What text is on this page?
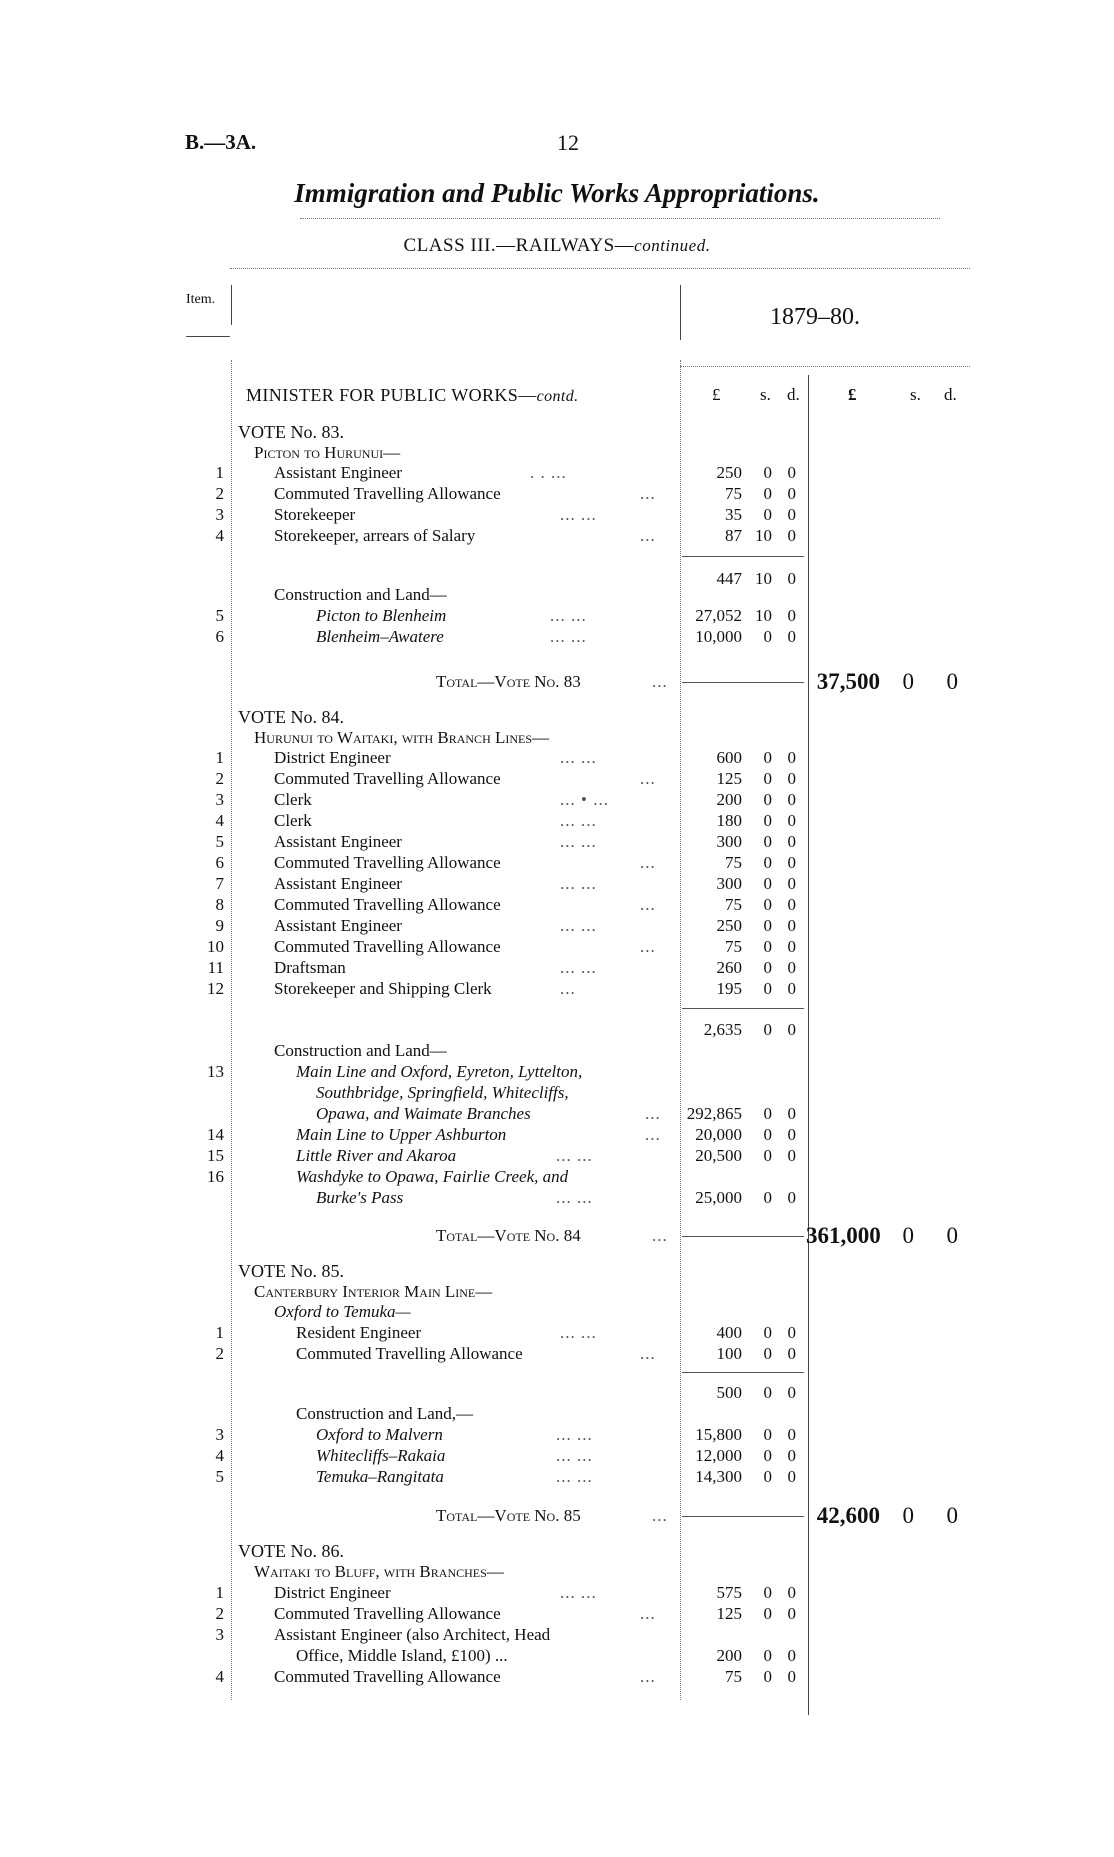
B.—3A.	12
Immigration and Public Works Appropriations.
CLASS III.—RAILWAYS—continued.
Item.
1879–80.
MINISTER FOR PUBLIC WORKS—contd.	£ s. d.	£	s. d.
VOTE No. 83.
Picton to Hurunui—
1	Assistant Engineer	. . ...	250	0 0
2	Commuted Travelling Allowance	...	75	0 0
3	Storekeeper	... ...	35	0 0
4	Storekeeper, arrears of Salary	...	87 10 0
447 10 0
Construction and Land—
5	Picton to Blenheim	... ...	27,052 10 0
6	Blenheim–Awatere	... ...	10,000	0 0
Total—Vote No. 83	...	37,500 0	0
VOTE No. 84.
Hurunui to Waitaki, with Branch Lines—
1	District Engineer	... ...	600	0 0
2	Commuted Travelling Allowance	...	125	0 0
3	Clerk	... • ...	200	0 0
4	Clerk	... ...	180	0 0
5	Assistant Engineer	... ...	300	0 0
6	Commuted Travelling Allowance	...	75	0 0
7	Assistant Engineer	... ...	300	0 0
8	Commuted Travelling Allowance	...	75	0 0
9	Assistant Engineer	... ...	250	0 0
10	Commuted Travelling Allowance	...	75	0 0
11	Draftsman	... ...	260	0 0
12	Storekeeper and Shipping Clerk	...	195	0 0
2,635	0 0
Construction and Land—
13	Main Line and Oxford, Eyreton, Lyttelton,
Southbridge, Springfield, Whitecliffs,
Opawa, and Waimate Branches	...	292,865	0 0
14	Main Line to Upper Ashburton	...	20,000	0 0
15	Little River and Akaroa	... ...	20,500	0 0
16	Washdyke to Opawa, Fairlie Creek, and
Burke's Pass	... ...	25,000	0 0
Total—Vote No. 84	...	361,000 0	0
VOTE No. 85.
Canterbury Interior Main Line—
Oxford to Temuka—
1	Resident Engineer	... ...	400	0 0
2	Commuted Travelling Allowance	...	100	0 0
500	0 0
Construction and Land,—
3	Oxford to Malvern	... ...	15,800	0 0
4	Whitecliffs–Rakaia	... ...	12,000	0 0
5	Temuka–Rangitata	... ...	14,300	0 0
Total—Vote No. 85	...	42,600 0	0
VOTE No. 86.
Waitaki to Bluff, with Branches—
1	District Engineer	... ...	575	0 0
2	Commuted Travelling Allowance	...	125	0 0
3	Assistant Engineer (also Architect, Head
Office, Middle Island, £100) ...	200	0 0
4	Commuted Travelling Allowance	...	75	0 0
